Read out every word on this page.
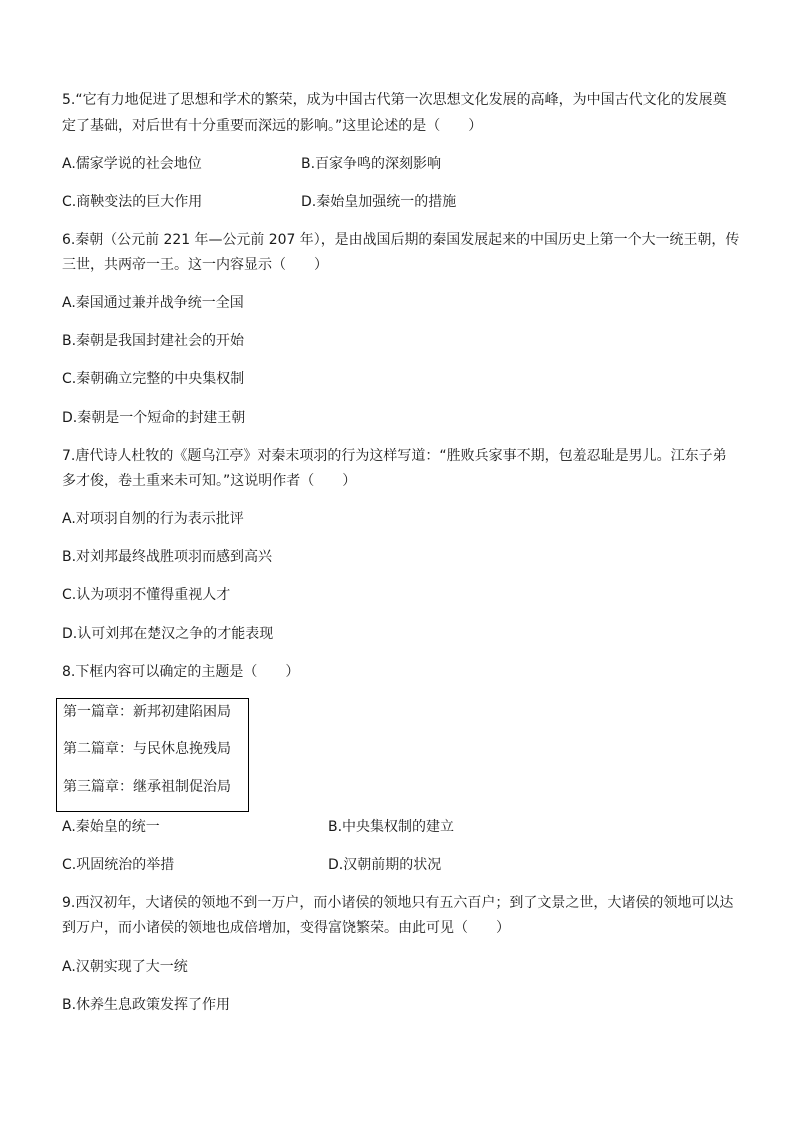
5.“它有力地促进了思想和学术的繁荣，成为中国古代第一次思想文化发展的高峰，为中国古代文化的发展奠
定了基础，对后世有十分重要而深远的影响。”这里论述的是（　　）
A.儒家学说的社会地位	B.百家争鸣的深刻影响
C.商鞅变法的巨大作用	D.秦始皇加强统一的措施
6.秦朝（公元前 221 年—公元前 207 年），是由战国后期的秦国发展起来的中国历史上第一个大一统王朝，传
三世，共两帝一王。这一内容显示（　　）
A.秦国通过兼并战争统一全国
B.秦朝是我国封建社会的开始
C.秦朝确立完整的中央集权制
D.秦朝是一个短命的封建王朝
7.唐代诗人杜牧的《题乌江亭》对秦末项羽的行为这样写道：“胜败兵家事不期，包羞忍耻是男儿。江东子弟
多才俊，卷土重来未可知。”这说明作者（　　）
A.对项羽自刎的行为表示批评
B.对刘邦最终战胜项羽而感到高兴
C.认为项羽不懂得重视人才
D.认可刘邦在楚汉之争的才能表现
8.下框内容可以确定的主题是（　　）
第一篇章：新邦初建陷困局
第二篇章：与民休息挽残局
第三篇章：继承祖制促治局
A.秦始皇的统一	B.中央集权制的建立
C.巩固统治的举措	D.汉朝前期的状况
9.西汉初年，大诸侯的领地不到一万户，而小诸侯的领地只有五六百户；到了文景之世，大诸侯的领地可以达
到万户，而小诸侯的领地也成倍增加，变得富饶繁荣。由此可见（　　）
A.汉朝实现了大一统
B.休养生息政策发挥了作用
